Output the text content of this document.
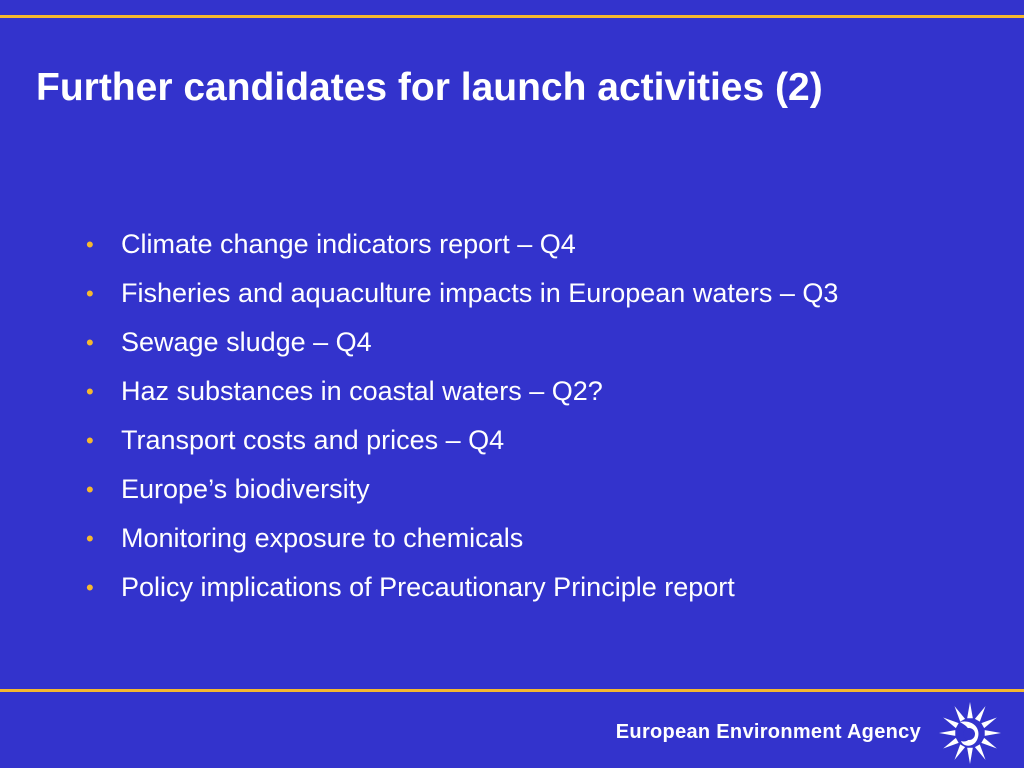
Further candidates for launch activities (2)
• Climate change indicators report – Q4
• Fisheries and aquaculture impacts in European waters – Q3
• Sewage sludge – Q4
• Haz substances in coastal waters – Q2?
• Transport costs and prices – Q4
• Europe’s biodiversity
• Monitoring exposure to chemicals
• Policy implications of Precautionary Principle report
European Environment Agency
